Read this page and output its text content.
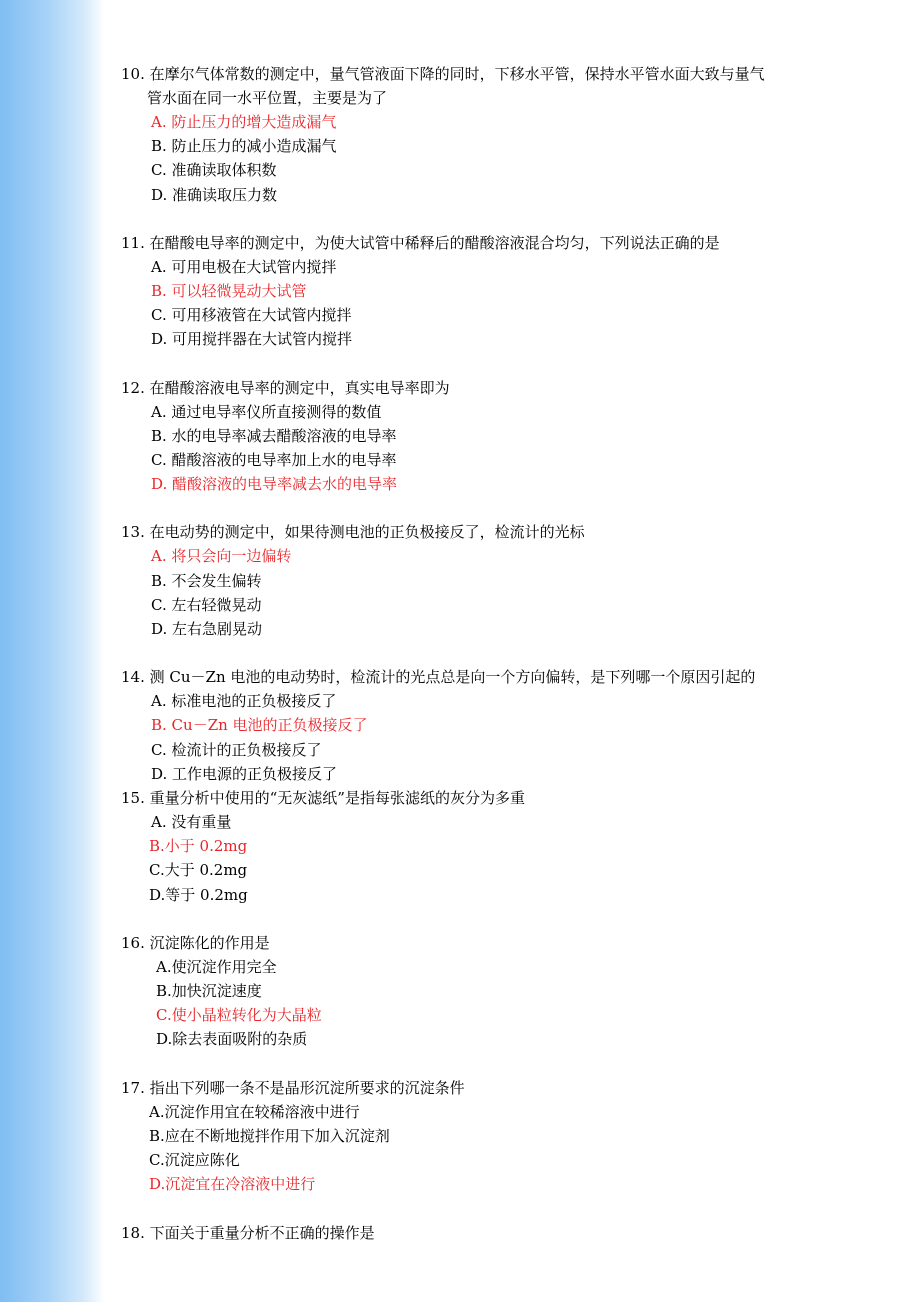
10. 在摩尔气体常数的测定中，量气管液面下降的同时，下移水平管，保持水平管水面大致与量气
管水面在同一水平位置，主要是为了
A. 防止压力的增大造成漏气
B. 防止压力的减小造成漏气
C. 准确读取体积数
D. 准确读取压力数
11. 在醋酸电导率的测定中，为使大试管中稀释后的醋酸溶液混合均匀，下列说法正确的是
A. 可用电极在大试管内搅拌
B. 可以轻微晃动大试管
C. 可用移液管在大试管内搅拌
D. 可用搅拌器在大试管内搅拌
12. 在醋酸溶液电导率的测定中，真实电导率即为
A. 通过电导率仪所直接测得的数值
B. 水的电导率减去醋酸溶液的电导率
C. 醋酸溶液的电导率加上水的电导率
D. 醋酸溶液的电导率减去水的电导率
13. 在电动势的测定中，如果待测电池的正负极接反了，检流计的光标
A. 将只会向一边偏转
B. 不会发生偏转
C. 左右轻微晃动
D. 左右急剧晃动
14. 测 Cu－Zn 电池的电动势时，检流计的光点总是向一个方向偏转，是下列哪一个原因引起的
A. 标准电池的正负极接反了
B. Cu－Zn 电池的正负极接反了
C. 检流计的正负极接反了
D. 工作电源的正负极接反了
15. 重量分析中使用的“无灰滤纸”是指每张滤纸的灰分为多重
A. 没有重量
B.小于 0.2mg
C.大于 0.2mg
D.等于 0.2mg
16. 沉淀陈化的作用是
A.使沉淀作用完全
B.加快沉淀速度
C.使小晶粒转化为大晶粒
D.除去表面吸附的杂质
17. 指出下列哪一条不是晶形沉淀所要求的沉淀条件
A.沉淀作用宜在较稀溶液中进行
B.应在不断地搅拌作用下加入沉淀剂
C.沉淀应陈化
D.沉淀宜在冷溶液中进行
18. 下面关于重量分析不正确的操作是
